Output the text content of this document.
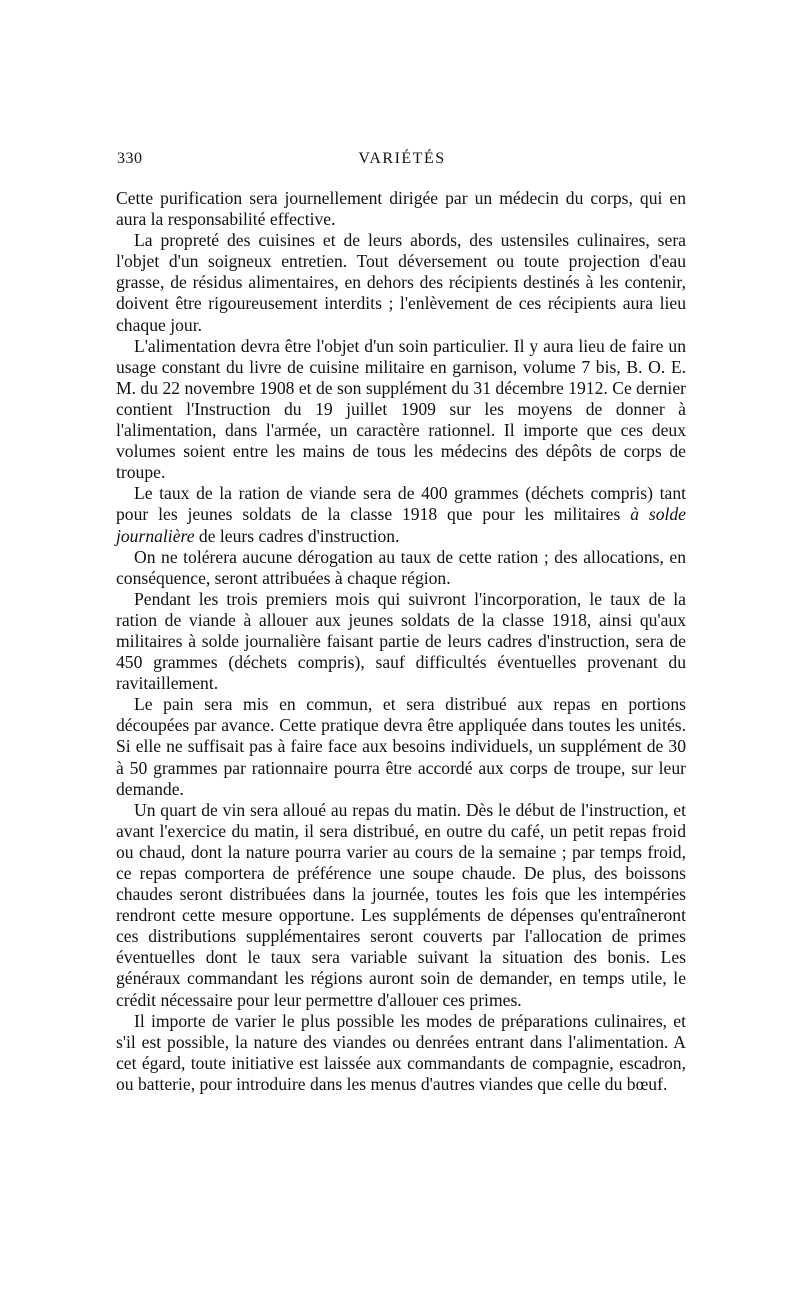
330	VARIÉTÉS

Cette purification sera journellement dirigée par un médecin du corps, qui en aura la responsabilité effective.

La propreté des cuisines et de leurs abords, des ustensiles culinaires, sera l'objet d'un soigneux entretien. Tout déversement ou toute projection d'eau grasse, de résidus alimentaires, en dehors des récipients destinés à les contenir, doivent être rigoureusement interdits ; l'enlèvement de ces récipients aura lieu chaque jour.

L'alimentation devra être l'objet d'un soin particulier. Il y aura lieu de faire un usage constant du livre de cuisine militaire en garnison, volume 7 bis, B. O. E. M. du 22 novembre 1908 et de son supplément du 31 décembre 1912. Ce dernier contient l'Instruction du 19 juillet 1909 sur les moyens de donner à l'alimentation, dans l'armée, un caractère rationnel. Il importe que ces deux volumes soient entre les mains de tous les médecins des dépôts de corps de troupe.

Le taux de la ration de viande sera de 400 grammes (déchets compris) tant pour les jeunes soldats de la classe 1918 que pour les militaires à solde journalière de leurs cadres d'instruction.

On ne tolérera aucune dérogation au taux de cette ration ; des allocations, en conséquence, seront attribuées à chaque région.

Pendant les trois premiers mois qui suivront l'incorporation, le taux de la ration de viande à allouer aux jeunes soldats de la classe 1918, ainsi qu'aux militaires à solde journalière faisant partie de leurs cadres d'instruction, sera de 450 grammes (déchets compris), sauf difficultés éventuelles provenant du ravitaillement.

Le pain sera mis en commun, et sera distribué aux repas en portions découpées par avance. Cette pratique devra être appliquée dans toutes les unités. Si elle ne suffisait pas à faire face aux besoins individuels, un supplément de 30 à 50 grammes par rationnaire pourra être accordé aux corps de troupe, sur leur demande.

Un quart de vin sera alloué au repas du matin. Dès le début de l'instruction, et avant l'exercice du matin, il sera distribué, en outre du café, un petit repas froid ou chaud, dont la nature pourra varier au cours de la semaine ; par temps froid, ce repas comportera de préférence une soupe chaude. De plus, des boissons chaudes seront distribuées dans la journée, toutes les fois que les intempéries rendront cette mesure opportune. Les suppléments de dépenses qu'entraîneront ces distributions supplémentaires seront couverts par l'allocation de primes éventuelles dont le taux sera variable suivant la situation des bonis. Les généraux commandant les régions auront soin de demander, en temps utile, le crédit nécessaire pour leur permettre d'allouer ces primes.

Il importe de varier le plus possible les modes de préparations culinaires, et s'il est possible, la nature des viandes ou denrées entrant dans l'alimentation. A cet égard, toute initiative est laissée aux commandants de compagnie, escadron, ou batterie, pour introduire dans les menus d'autres viandes que celle du bœuf.
